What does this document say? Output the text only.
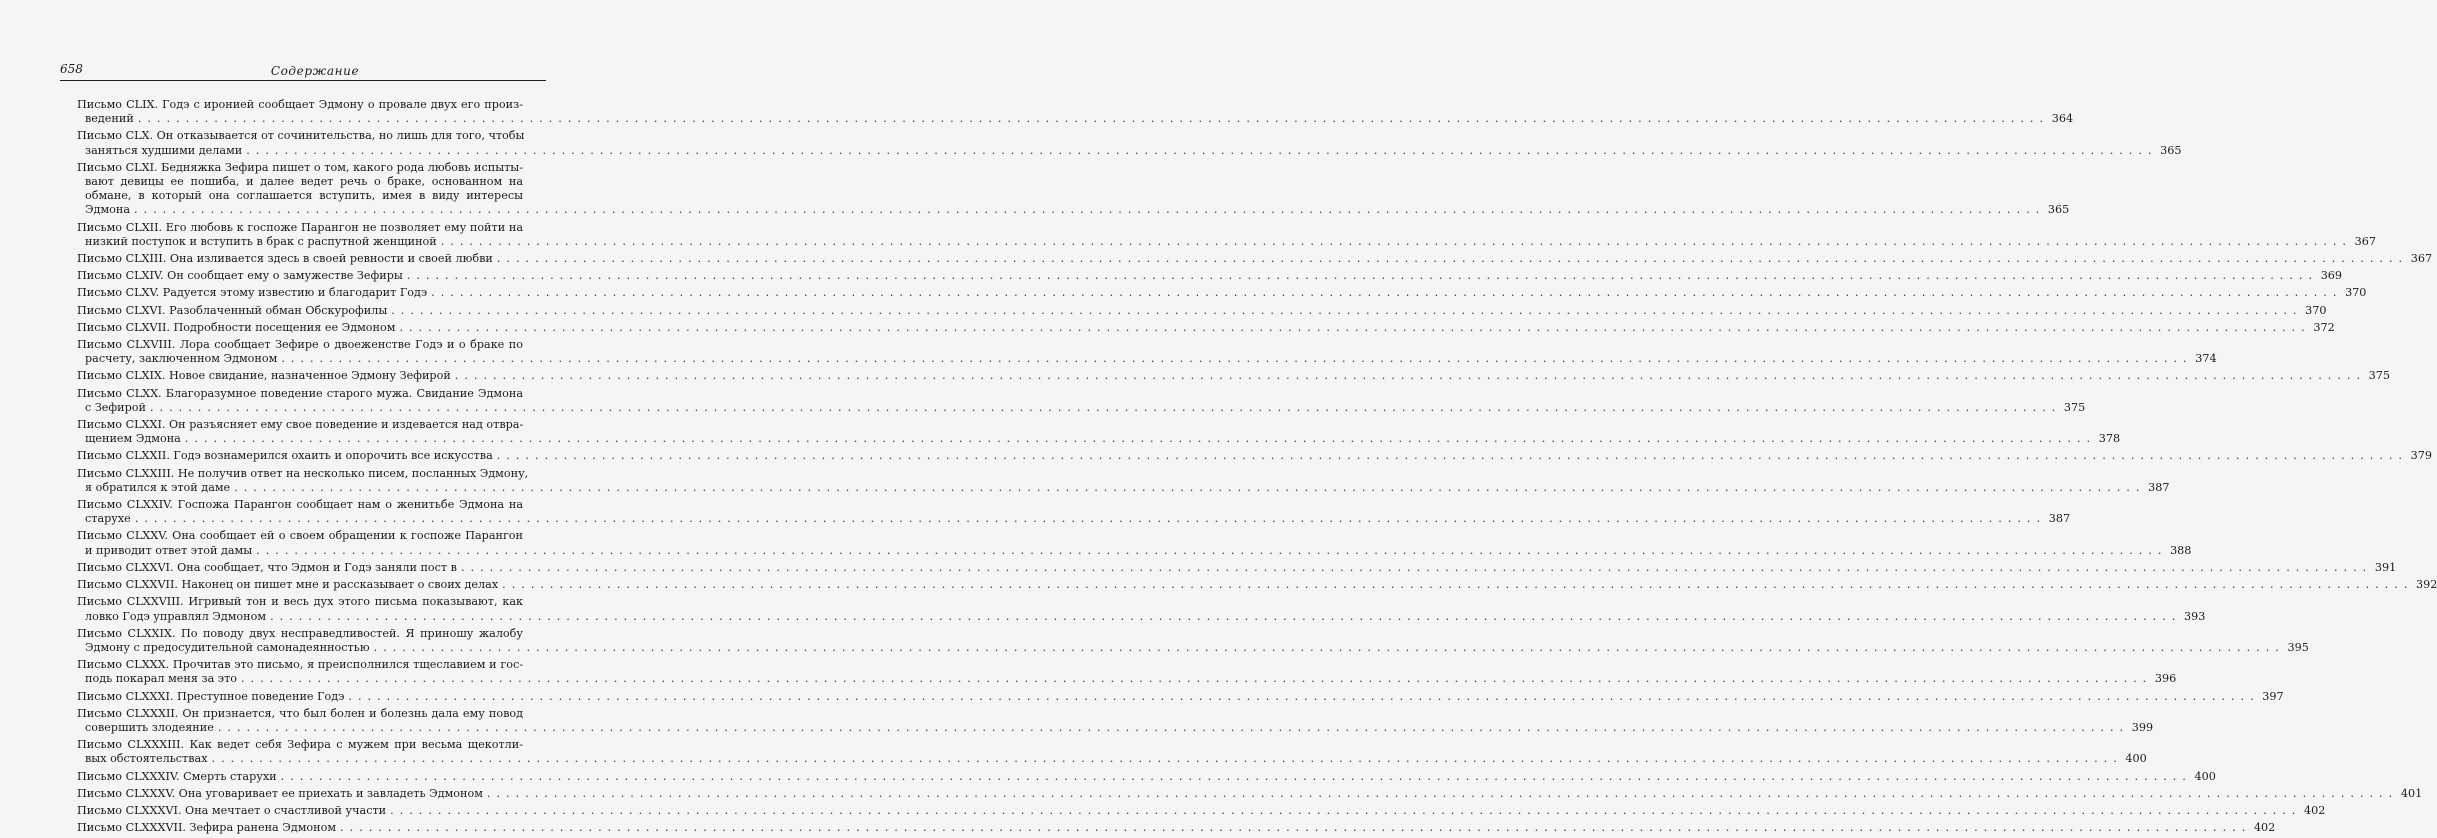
658	Содержание
Письмо CLIX. Годэ с иронией сообщает Эдмону о провале двух его произ-
ведений ........................................................................................................................................................................................................ 364
Письмо CLX. Он отказывается от сочинительства, но лишь для того, чтобы
заняться худшими делами ........................................................................................................................................................................................................ 365
Письмо CLXI. Бедняжка Зефира пишет о том, какого рода любовь испыты-
вают девицы ее пошиба, и далее ведет речь о браке, основанном на
обмане, в который она соглашается вступить, имея в виду интересы
Эдмона ........................................................................................................................................................................................................ 365
Письмо CLXII. Его любовь к госпоже Парангон не позволяет ему пойти на
низкий поступок и вступить в брак с распутной женщиной ........................................................................................................................................................................................................ 367
Письмо CLXIII. Она изливается здесь в своей ревности и своей любви ........................................................................................................................................................................................................ 367
Письмо CLXIV. Он сообщает ему о замужестве Зефиры ........................................................................................................................................................................................................ 369
Письмо CLXV. Радуется этому известию и благодарит Годэ ........................................................................................................................................................................................................ 370
Письмо CLXVI. Разоблаченный обман Обскурофилы ........................................................................................................................................................................................................ 370
Письмо CLXVII. Подробности посещения ее Эдмоном ........................................................................................................................................................................................................ 372
Письмо CLXVIII. Лора сообщает Зефире о двоеженстве Годэ и о браке по
расчету, заключенном Эдмоном ........................................................................................................................................................................................................ 374
Письмо CLXIX. Новое свидание, назначенное Эдмону Зефирой ........................................................................................................................................................................................................ 375
Письмо CLXX. Благоразумное поведение старого мужа. Свидание Эдмона
с Зефирой ........................................................................................................................................................................................................ 375
Письмо CLXXI. Он разъясняет ему свое поведение и издевается над отвра-
щением Эдмона ........................................................................................................................................................................................................ 378
Письмо CLXXII. Годэ вознамерился охаить и опорочить все искусства ........................................................................................................................................................................................................ 379
Письмо CLXXIII. Не получив ответ на несколько писем, посланных Эдмону,
я обратился к этой даме ........................................................................................................................................................................................................ 387
Письмо CLXXIV. Госпожа Парангон сообщает нам о женитьбе Эдмона на
старухе ........................................................................................................................................................................................................ 387
Письмо CLXXV. Она сообщает ей о своем обращении к госпоже Парангон
и приводит ответ этой дамы ........................................................................................................................................................................................................ 388
Письмо CLXXVI. Она сообщает, что Эдмон и Годэ заняли пост в ........................................................................................................................................................................................................ 391
Письмо CLXXVII. Наконец он пишет мне и рассказывает о своих делах ........................................................................................................................................................................................................ 392
Письмо CLXXVIII. Игривый тон и весь дух этого письма показывают, как
ловко Годэ управлял Эдмоном ........................................................................................................................................................................................................ 393
Письмо CLXXIX. По поводу двух несправедливостей. Я приношу жалобу
Эдмону с предосудительной самонадеянностью ........................................................................................................................................................................................................ 395
Письмо CLXXX. Прочитав это письмо, я преисполнился тщеславием и гос-
подь покарал меня за это ........................................................................................................................................................................................................ 396
Письмо CLXXXI. Преступное поведение Годэ ........................................................................................................................................................................................................ 397
Письмо CLXXXII. Он признается, что был болен и болезнь дала ему повод
совершить злодеяние ........................................................................................................................................................................................................ 399
Письмо CLXXXIII. Как ведет себя Зефира с мужем при весьма щекотли-
вых обстоятельствах ........................................................................................................................................................................................................ 400
Письмо CLXXXIV. Смерть старухи ........................................................................................................................................................................................................ 400
Письмо CLXXXV. Она уговаривает ее приехать и завладеть Эдмоном ........................................................................................................................................................................................................ 401
Письмо CLXXXVI. Она мечтает о счастливой участи ........................................................................................................................................................................................................ 402
Письмо CLXXXVII. Зефира ранена Эдмоном ........................................................................................................................................................................................................ 402
